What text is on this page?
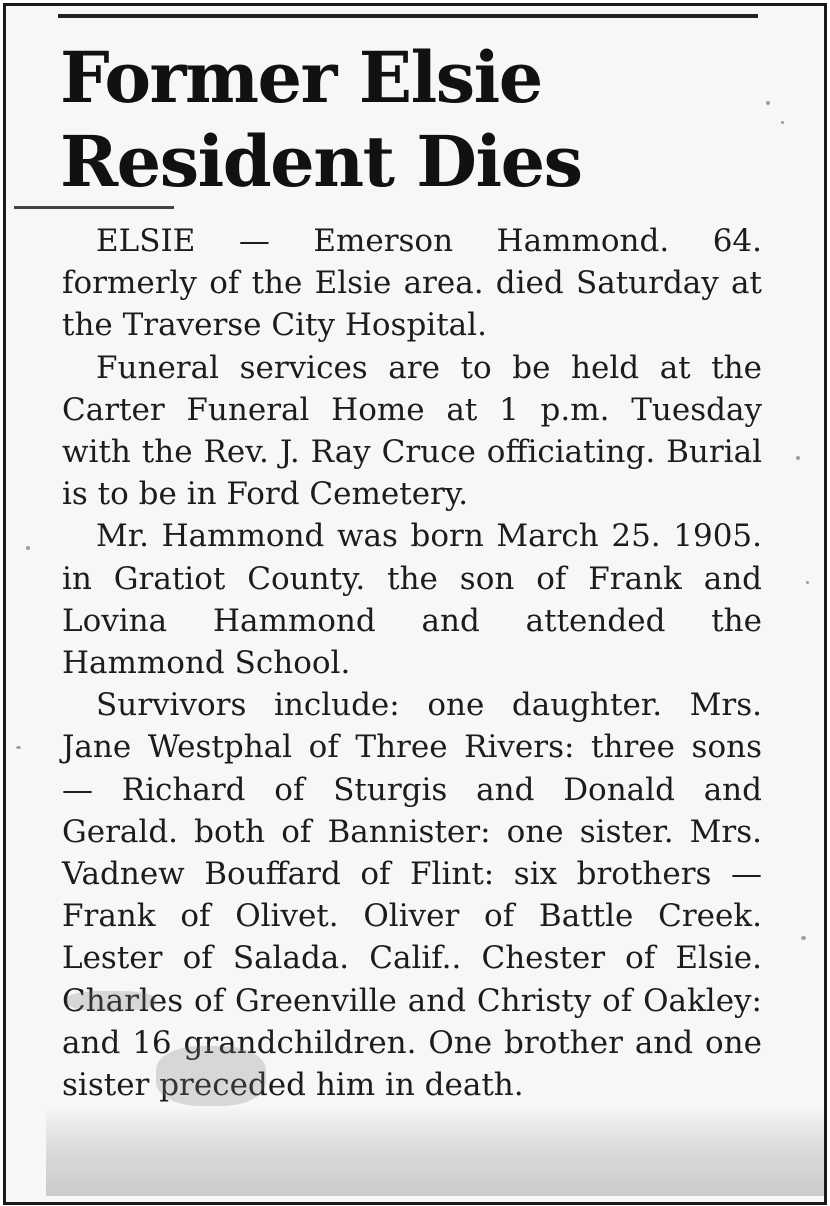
Former Elsie
Resident Dies

ELSIE — Emerson Hammond. 64. formerly of the Elsie area. died Saturday at the Traverse City Hospital.

Funeral services are to be held at the Carter Funeral Home at 1 p.m. Tuesday with the Rev. J. Ray Cruce officiating. Burial is to be in Ford Cemetery.

Mr. Hammond was born March 25. 1905. in Gratiot County. the son of Frank and Lovina Hammond and attended the Hammond School.

Survivors include: one daughter. Mrs. Jane Westphal of Three Rivers: three sons — Richard of Sturgis and Donald and Gerald. both of Bannister: one sister. Mrs. Vadnew Bouffard of Flint: six brothers — Frank of Olivet. Oliver of Battle Creek. Lester of Salada. Calif.. Chester of Elsie. Charles of Greenville and Christy of Oakley: and 16 grandchildren. One brother and one sister preceded him in death.
